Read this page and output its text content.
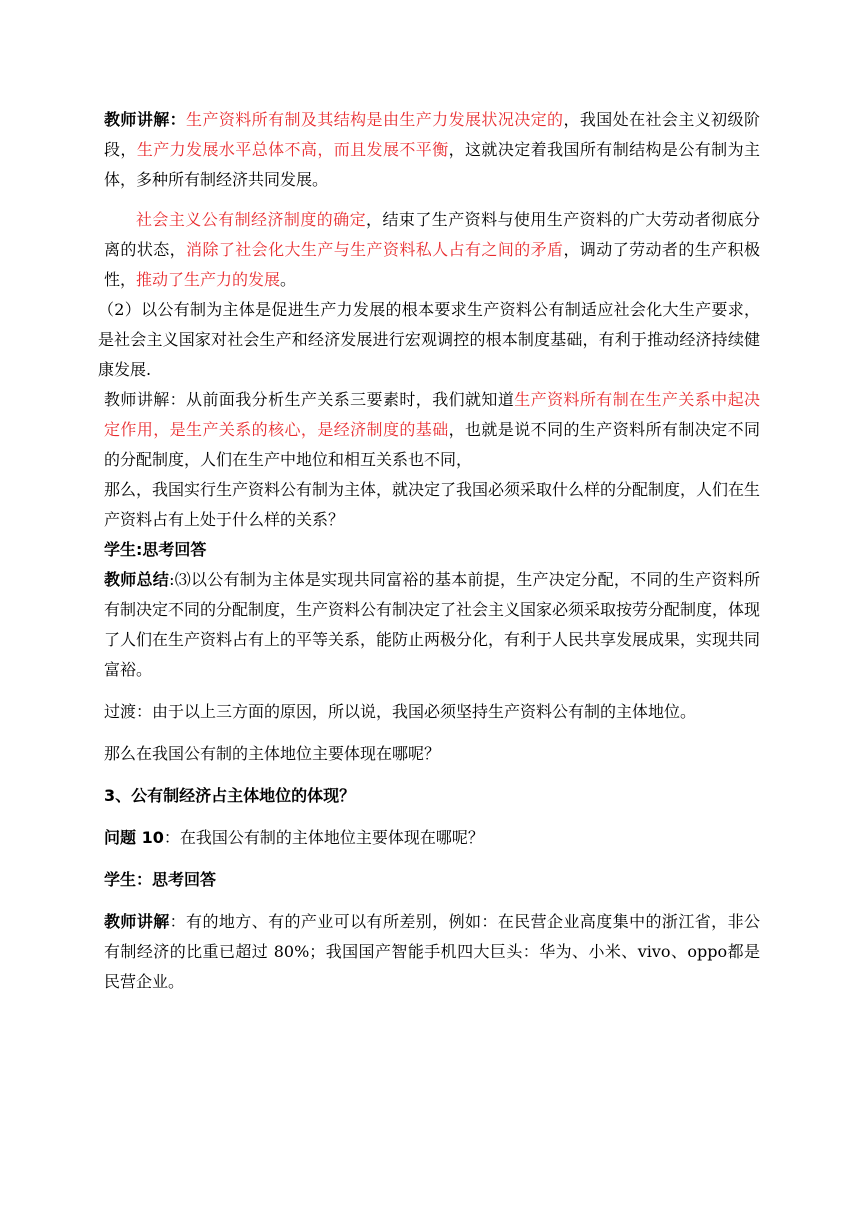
教师讲解：生产资料所有制及其结构是由生产力发展状况决定的，我国处在社会主义初级阶段，生产力发展水平总体不高，而且发展不平衡，这就决定着我国所有制结构是公有制为主体，多种所有制经济共同发展。

社会主义公有制经济制度的确定，结束了生产资料与使用生产资料的广大劳动者彻底分离的状态，消除了社会化大生产与生产资料私人占有之间的矛盾，调动了劳动者的生产积极性，推动了生产力的发展。

（2）以公有制为主体是促进生产力发展的根本要求生产资料公有制适应社会化大生产要求，是社会主义国家对社会生产和经济发展进行宏观调控的根本制度基础，有利于推动经济持续健康发展.

教师讲解：从前面我分析生产关系三要素时，我们就知道生产资料所有制在生产关系中起决定作用，是生产关系的核心，是经济制度的基础，也就是说不同的生产资料所有制决定不同的分配制度，人们在生产中地位和相互关系也不同，

那么，我国实行生产资料公有制为主体，就决定了我国必须采取什么样的分配制度，人们在生产资料占有上处于什么样的关系？

学生:思考回答

教师总结:⑶以公有制为主体是实现共同富裕的基本前提，生产决定分配，不同的生产资料所有制决定不同的分配制度，生产资料公有制决定了社会主义国家必须采取按劳分配制度，体现了人们在生产资料占有上的平等关系，能防止两极分化，有利于人民共享发展成果，实现共同富裕。

过渡：由于以上三方面的原因，所以说，我国必须坚持生产资料公有制的主体地位。

那么在我国公有制的主体地位主要体现在哪呢？

3、公有制经济占主体地位的体现？

问题 10：在我国公有制的主体地位主要体现在哪呢？

学生：思考回答

教师讲解：有的地方、有的产业可以有所差别，例如：在民营企业高度集中的浙江省，非公有制经济的比重已超过 80%；我国国产智能手机四大巨头：华为、小米、vivo、oppo都是民营企业。
